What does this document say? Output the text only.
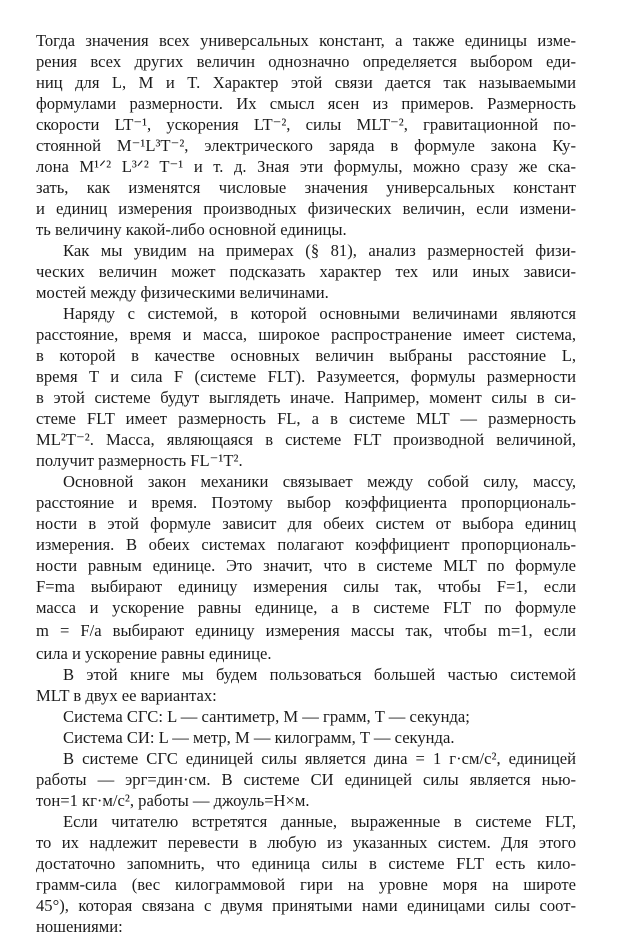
Тогда значения всех универсальных констант, а также единицы изме-
рения всех других величин однозначно определяется выбором еди-
ниц для L, M и T. Характер этой связи дается так называемыми
формулами размерности. Их смысл ясен из примеров. Размерность
скорости LT⁻¹, ускорения LT⁻², силы MLT⁻², гравитационной по-
стоянной M⁻¹L³T⁻², электрического заряда в формуле закона Ку-
лона M¹ᐟ² L³ᐟ² T⁻¹ и т. д. Зная эти формулы, можно сразу же ска-
зать, как изменятся числовые значения универсальных констант
и единиц измерения производных физических величин, если измени-
ть величину какой-либо основной единицы.
Как мы увидим на примерах (§ 81), анализ размерностей физи-
ческих величин может подсказать характер тех или иных зависи-
мостей между физическими величинами.
Наряду с системой, в которой основными величинами являются
расстояние, время и масса, широкое распространение имеет система,
в которой в качестве основных величин выбраны расстояние L,
время T и сила F (системе FLT). Разумеется, формулы размерности
в этой системе будут выглядеть иначе. Например, момент силы в си-
стеме FLT имеет размерность FL, а в системе MLT — размерность
ML²T⁻². Масса, являющаяся в системе FLT производной величиной,
получит размерность FL⁻¹T².
Основной закон механики связывает между собой силу, массу,
расстояние и время. Поэтому выбор коэффициента пропорциональ-
ности в этой формуле зависит для обеих систем от выбора единиц
измерения. В обеих системах полагают коэффициент пропорциональ-
ности равным единице. Это значит, что в системе MLT по формуле
F=ma выбирают единицу измерения силы так, чтобы F=1, если
масса и ускорение равны единице, а в системе FLT по формуле
m = F/a выбирают единицу измерения массы так, чтобы m=1, если
сила и ускорение равны единице.
В этой книге мы будем пользоваться большей частью системой
MLT в двух ее вариантах:
Система СГС: L — сантиметр, M — грамм, T — секунда;
Система СИ: L — метр, M — килограмм, T — секунда.
В системе СГС единицей силы является дина = 1 г·см/с², единицей
работы — эрг=дин·см. В системе СИ единицей силы является нью-
тон=1 кг·м/с², работы — джоуль=Н×м.
Если читателю встретятся данные, выраженные в системе FLT,
то их надлежит перевести в любую из указанных систем. Для этого
достаточно запомнить, что единица силы в системе FLT есть кило-
грамм-сила (вес килограммовой гири на уровне моря на широте
45°), которая связана с двумя принятыми нами единицами силы соот-
ношениями:
